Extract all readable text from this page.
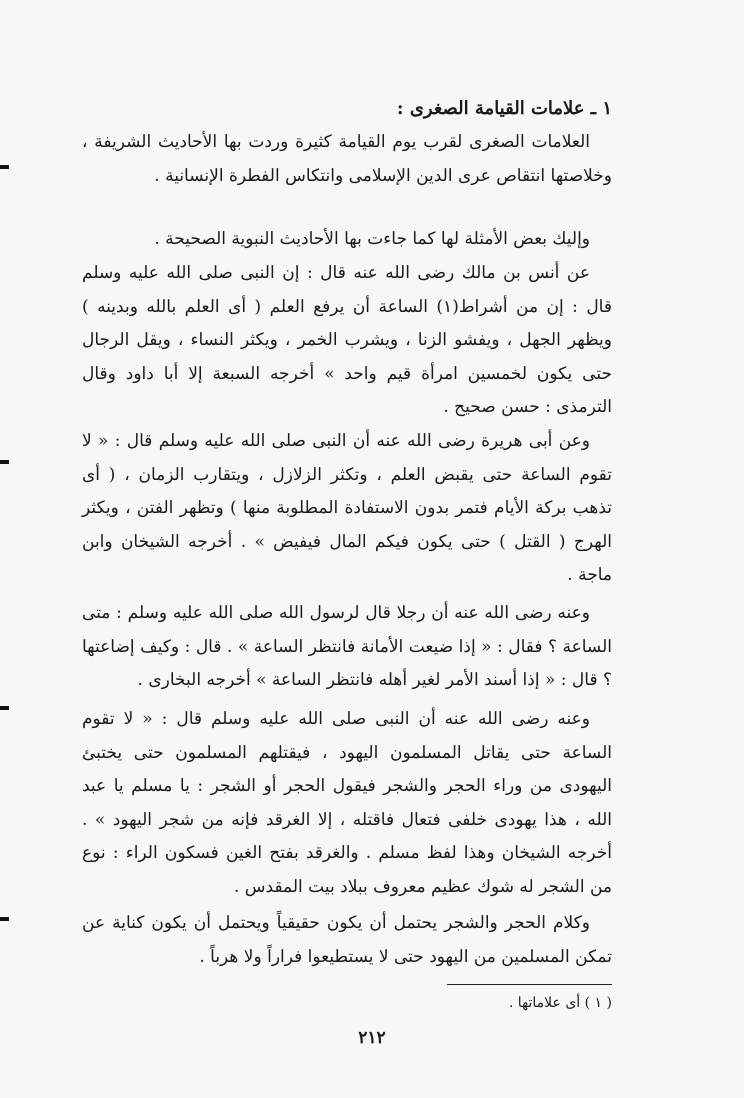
١ ـ علامات القيامة الصغرى :
العلامات الصغرى لقرب يوم القيامة كثيرة وردت بها الأحاديث الشريفة ، وخلاصتها انتقاص عرى الدين الإسلامى وانتكاس الفطرة الإنسانية .
وإليك بعض الأمثلة لها كما جاءت بها الأحاديث النبوية الصحيحة .
عن أنس بن مالك رضى الله عنه قال : إن النبى صلى الله عليه وسلم قال : إن من أشراط(١) الساعة أن يرفع العلم ( أى العلم بالله وبدينه ) ويظهر الجهل ، ويفشو الزنا ، ويشرب الخمر ، ويكثر النساء ، ويقل الرجال حتى يكون لخمسين امرأة قيم واحد » أخرجه السبعة إلا أبا داود وقال الترمذى : حسن صحيح .
وعن أبى هريرة رضى الله عنه أن النبى صلى الله عليه وسلم قال : « لا تقوم الساعة حتى يقبض العلم ، وتكثر الزلازل ، ويتقارب الزمان ، ( أى تذهب بركة الأيام فتمر بدون الاستفادة المطلوبة منها ) وتظهر الفتن ، ويكثر الهرج ( القتل ) حتى يكون فيكم المال فيفيض » . أخرجه الشيخان وابن ماجة .
وعنه رضى الله عنه أن رجلا قال لرسول الله صلى الله عليه وسلم : متى الساعة ؟ فقال : « إذا ضيعت الأمانة فانتظر الساعة » . قال : وكيف إضاعتها ؟ قال : « إذا أسند الأمر لغير أهله فانتظر الساعة » أخرجه البخارى .
وعنه رضى الله عنه أن النبى صلى الله عليه وسلم قال : « لا تقوم الساعة حتى يقاتل المسلمون اليهود ، فيقتلهم المسلمون حتى يختبئ اليهودى من وراء الحجر والشجر فيقول الحجر أو الشجر : يا مسلم يا عبد الله ، هذا يهودى خلفى فتعال فاقتله ، إلا الغرقد فإنه من شجر اليهود » . أخرجه الشيخان وهذا لفظ مسلم . والغرقد بفتح الغين فسكون الراء : نوع من الشجر له شوك عظيم معروف ببلاد بيت المقدس .
وكلام الحجر والشجر يحتمل أن يكون حقيقياً ويحتمل أن يكون كناية عن تمكن المسلمين من اليهود حتى لا يستطيعوا فراراً ولا هرباً .
( ١ ) أى علاماتها .
٢١٢
